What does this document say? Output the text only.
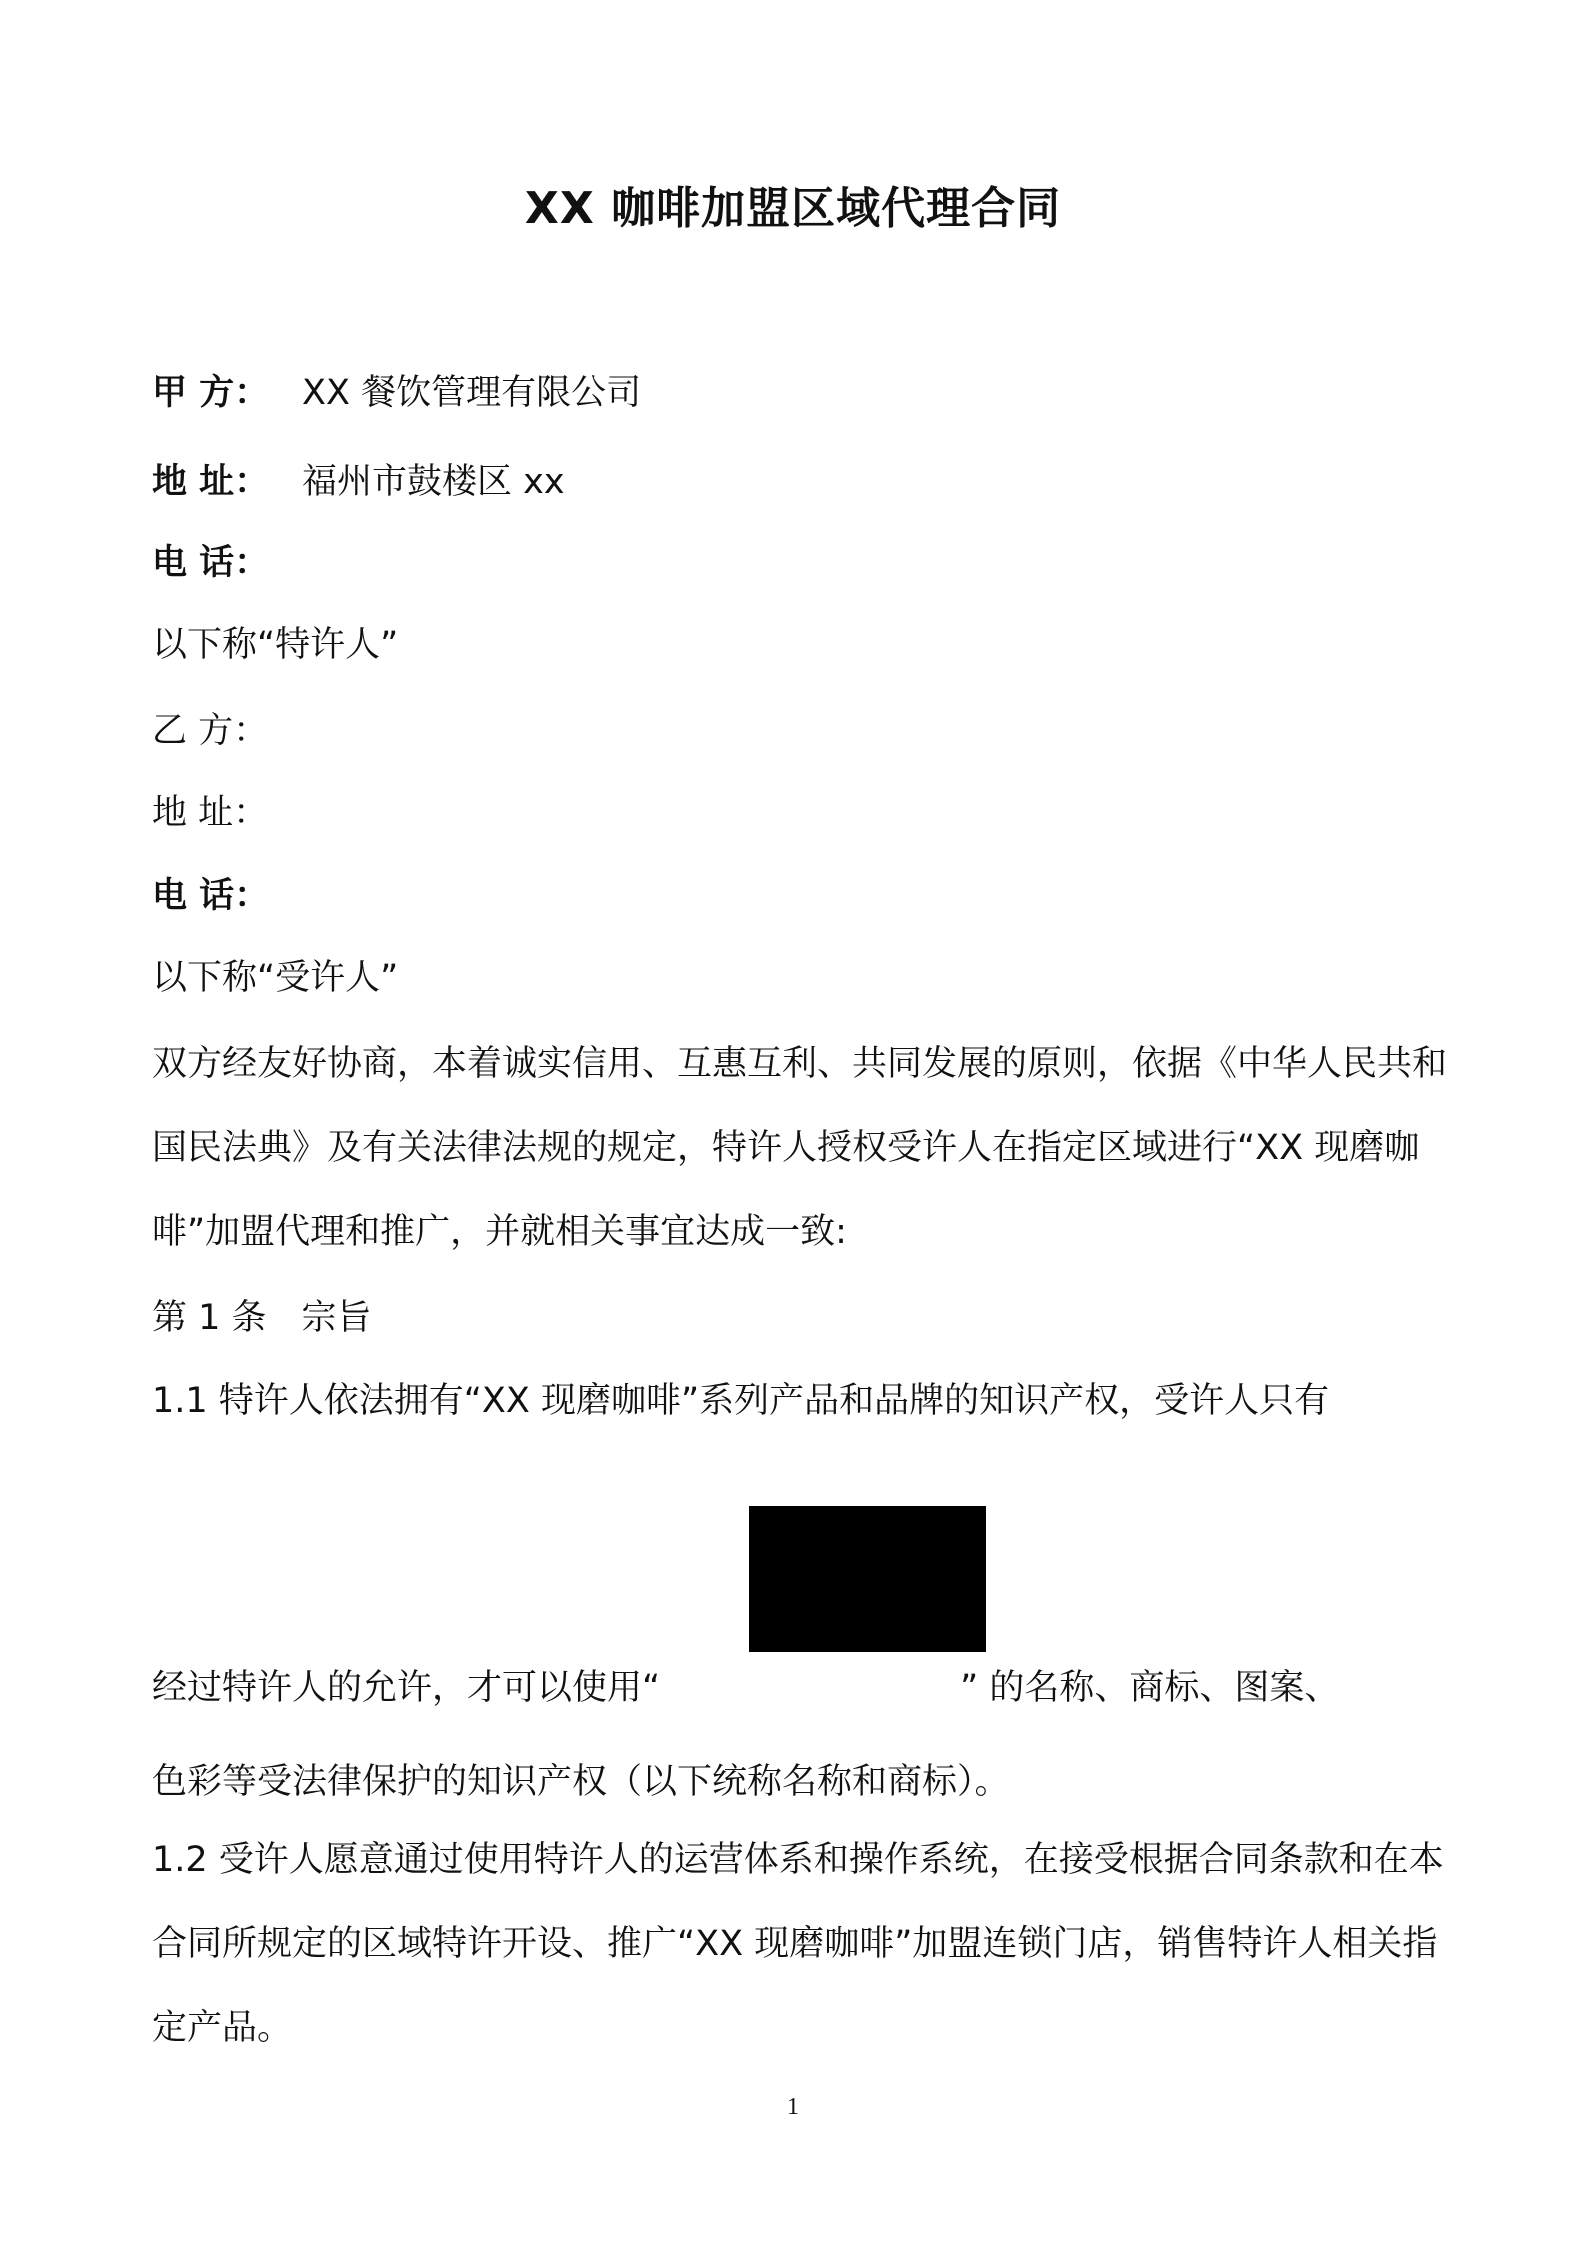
XX 咖啡加盟区域代理合同
甲 方： XX 餐饮管理有限公司
地 址： 福州市鼓楼区 xx
电 话：
以下称“特许人”
乙 方：
地 址：
电 话：
以下称“受许人”

双方经友好协商，本着诚实信用、互惠互利、共同发展的原则，依据《中华人民共和国民法典》及有关法律法规的规定，特许人授权受许人在指定区域进行“XX 现磨咖啡”加盟代理和推广，并就相关事宜达成一致:

第 1 条　宗旨
1.1 特许人依法拥有“XX 现磨咖啡”系列产品和品牌的知识产权，受许人只有
经过特许人的允许，才可以使用“	” 的名称、商标、图案、
色彩等受法律保护的知识产权（以下统称名称和商标）。

1.2 受许人愿意通过使用特许人的运营体系和操作系统，在接受根据合同条款和在本合同所规定的区域特许开设、推广“XX 现磨咖啡”加盟连锁门店，销售特许人相关指定产品。

1
